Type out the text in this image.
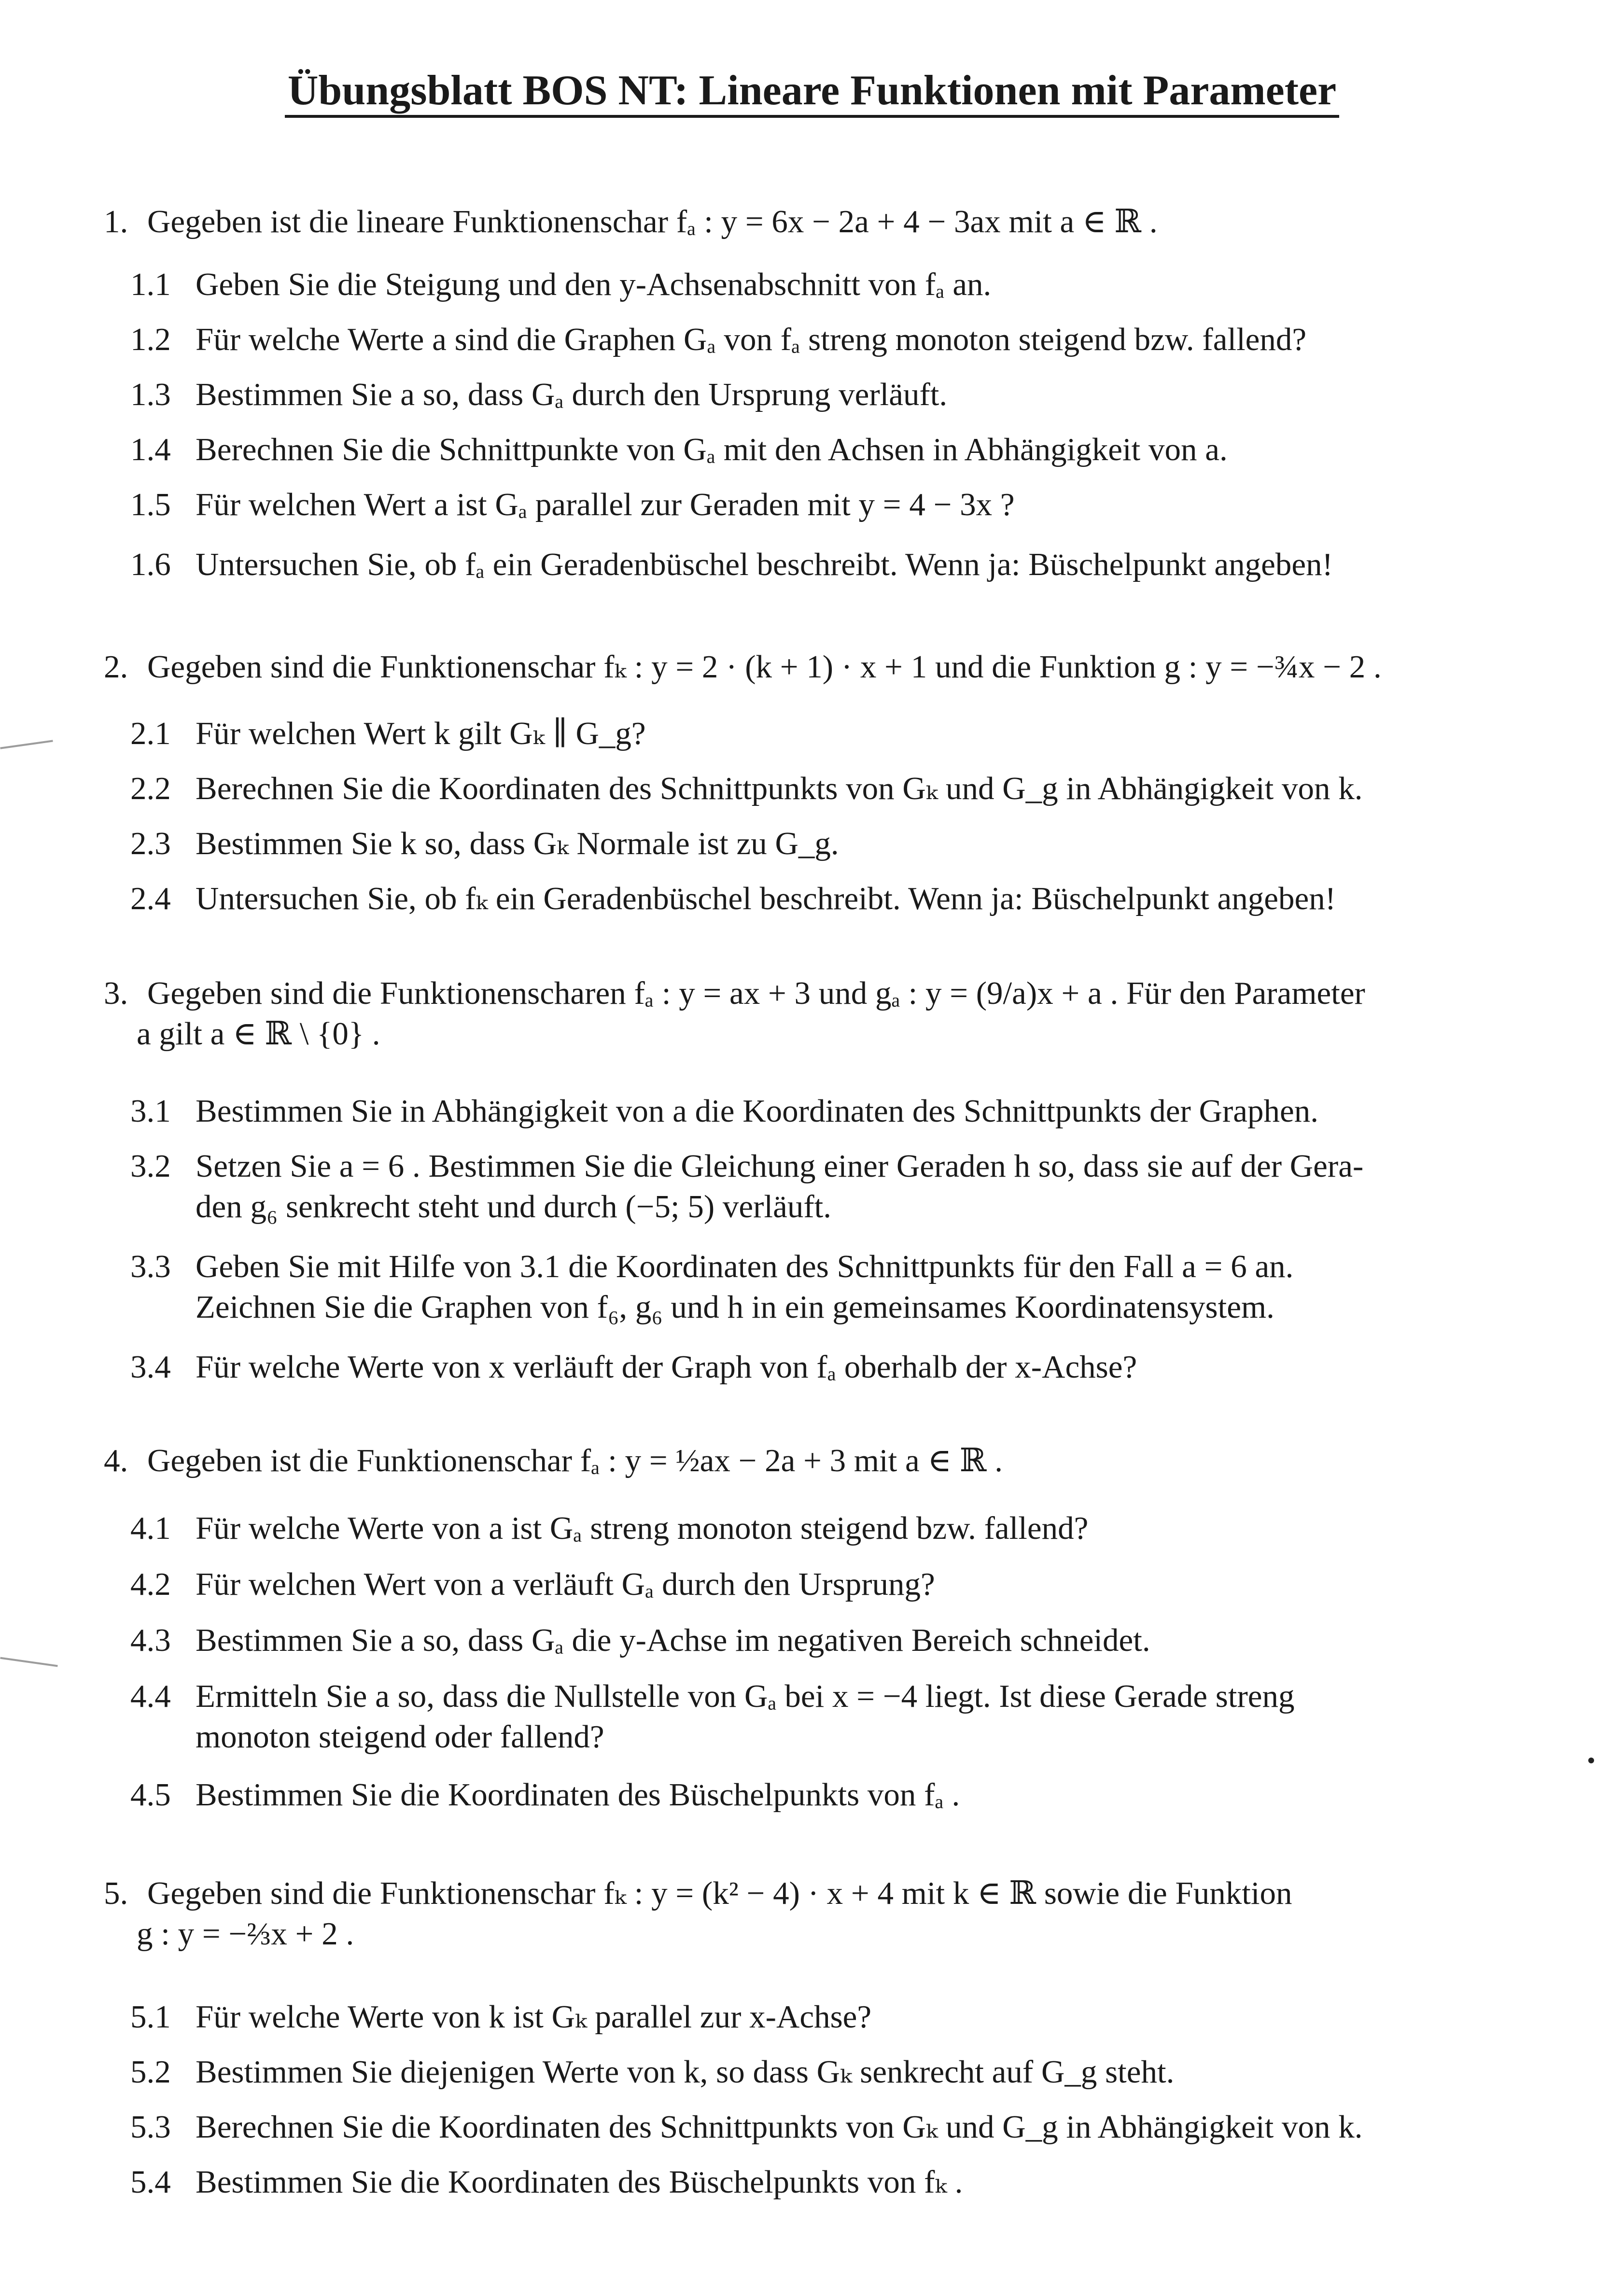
Übungsblatt BOS NT: Lineare Funktionen mit Parameter
1. Gegeben ist die lineare Funktionenschar fₐ : y = 6x − 2a + 4 − 3ax mit a ∈ ℝ .
1.1 Geben Sie die Steigung und den y-Achsenabschnitt von fₐ an.
1.2 Für welche Werte a sind die Graphen Gₐ von fₐ streng monoton steigend bzw. fallend?
1.3 Bestimmen Sie a so, dass Gₐ durch den Ursprung verläuft.
1.4 Berechnen Sie die Schnittpunkte von Gₐ mit den Achsen in Abhängigkeit von a.
1.5 Für welchen Wert a ist Gₐ parallel zur Geraden mit y = 4 − 3x ?
1.6 Untersuchen Sie, ob fₐ ein Geradenbüschel beschreibt. Wenn ja: Büschelpunkt angeben!
2. Gegeben sind die Funktionenschar fₖ : y = 2 · (k + 1) · x + 1 und die Funktion g : y = −¾x − 2 .
2.1 Für welchen Wert k gilt Gₖ ∥ G_g?
2.2 Berechnen Sie die Koordinaten des Schnittpunkts von Gₖ und G_g in Abhängigkeit von k.
2.3 Bestimmen Sie k so, dass Gₖ Normale ist zu G_g.
2.4 Untersuchen Sie, ob fₖ ein Geradenbüschel beschreibt. Wenn ja: Büschelpunkt angeben!
3. Gegeben sind die Funktionenscharen fₐ : y = ax + 3 und gₐ : y = (9/a)x + a . Für den Parameter
a gilt a ∈ ℝ \ {0} .
3.1 Bestimmen Sie in Abhängigkeit von a die Koordinaten des Schnittpunkts der Graphen.
3.2 Setzen Sie a = 6 . Bestimmen Sie die Gleichung einer Geraden h so, dass sie auf der Gera-
den g₆ senkrecht steht und durch (−5; 5) verläuft.
3.3 Geben Sie mit Hilfe von 3.1 die Koordinaten des Schnittpunkts für den Fall a = 6 an.
Zeichnen Sie die Graphen von f₆, g₆ und h in ein gemeinsames Koordinatensystem.
3.4 Für welche Werte von x verläuft der Graph von fₐ oberhalb der x-Achse?
4. Gegeben ist die Funktionenschar fₐ : y = ½ax − 2a + 3 mit a ∈ ℝ .
4.1 Für welche Werte von a ist Gₐ streng monoton steigend bzw. fallend?
4.2 Für welchen Wert von a verläuft Gₐ durch den Ursprung?
4.3 Bestimmen Sie a so, dass Gₐ die y-Achse im negativen Bereich schneidet.
4.4 Ermitteln Sie a so, dass die Nullstelle von Gₐ bei x = −4 liegt. Ist diese Gerade streng
monoton steigend oder fallend?
4.5 Bestimmen Sie die Koordinaten des Büschelpunkts von fₐ .
5. Gegeben sind die Funktionenschar fₖ : y = (k² − 4) · x + 4 mit k ∈ ℝ sowie die Funktion
g : y = −⅔x + 2 .
5.1 Für welche Werte von k ist Gₖ parallel zur x-Achse?
5.2 Bestimmen Sie diejenigen Werte von k, so dass Gₖ senkrecht auf G_g steht.
5.3 Berechnen Sie die Koordinaten des Schnittpunkts von Gₖ und G_g in Abhängigkeit von k.
5.4 Bestimmen Sie die Koordinaten des Büschelpunkts von fₖ .
